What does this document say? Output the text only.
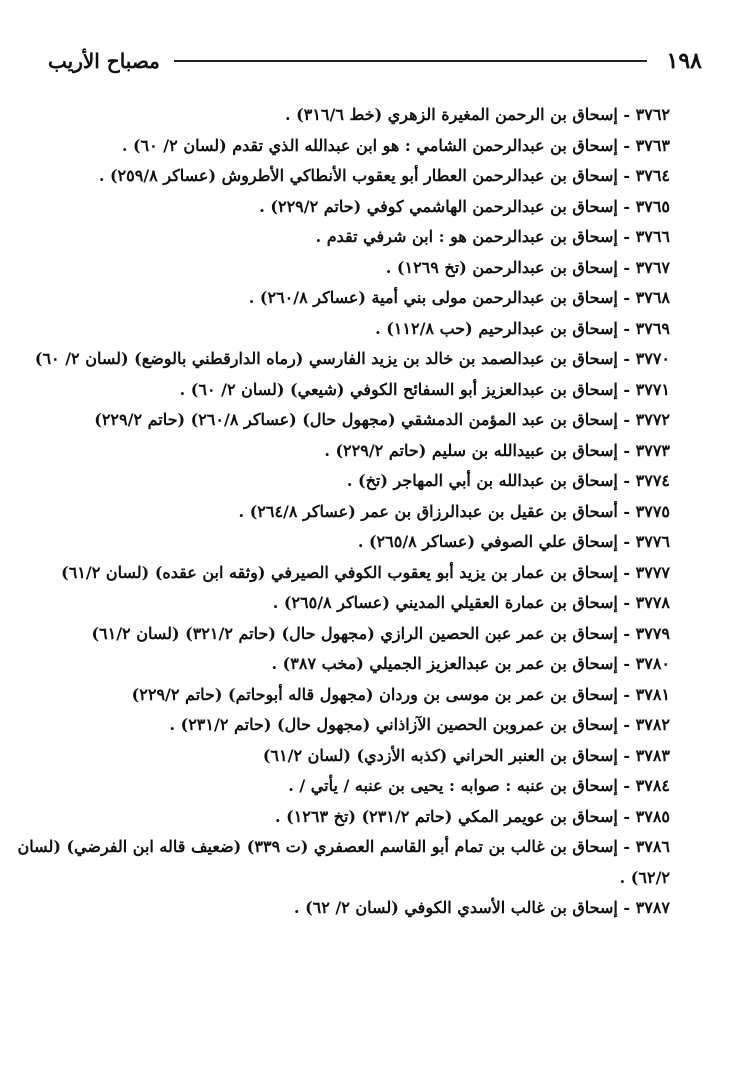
١٩٨
مصباح الأريب
٣٧٦٢ - إسحاق بن الرحمن المغيرة الزهري (خط ٣١٦/٦) .
٣٧٦٣ - إسحاق بن عبدالرحمن الشامي : هو ابن عبدالله الذي تقدم (لسان ٢/ ٦٠) .
٣٧٦٤ - إسحاق بن عبدالرحمن العطار أبو يعقوب الأنطاكي الأطروش (عساكر ٢٥٩/٨) .
٣٧٦٥ - إسحاق بن عبدالرحمن الهاشمي كوفي (حاتم ٢٢٩/٢) .
٣٧٦٦ - إسحاق بن عبدالرحمن هو : ابن شرفي تقدم .
٣٧٦٧ - إسحاق بن عبدالرحمن (تخ ١٢٦٩) .
٣٧٦٨ - إسحاق بن عبدالرحمن مولى بني أمية (عساكر ٢٦٠/٨) .
٣٧٦٩ - إسحاق بن عبدالرحيم (حب ١١٢/٨) .
٣٧٧٠ - إسحاق بن عبدالصمد بن خالد بن يزيد الفارسي (رماه الدارقطني بالوضع) (لسان ٢/ ٦٠)
٣٧٧١ - إسحاق بن عبدالعزيز أبو السفائح الكوفي (شيعي) (لسان ٢/ ٦٠) .
٣٧٧٢ - إسحاق بن عبد المؤمن الدمشقي (مجهول حال) (عساكر ٢٦٠/٨) (حاتم ٢٢٩/٢)
٣٧٧٣ - إسحاق بن عبيدالله بن سليم (حاتم ٢٢٩/٢) .
٣٧٧٤ - إسحاق بن عبدالله بن أبي المهاجر (تخ) .
٣٧٧٥ - أسحاق بن عقيل بن عبدالرزاق بن عمر (عساكر ٢٦٤/٨) .
٣٧٧٦ - إسحاق علي الصوفي (عساكر ٢٦٥/٨) .
٣٧٧٧ - إسحاق بن عمار بن يزيد أبو يعقوب الكوفي الصيرفي (وثقه ابن عقده) (لسان ٦١/٢)
٣٧٧٨ - إسحاق بن عمارة العقيلي المديني (عساكر ٢٦٥/٨) .
٣٧٧٩ - إسحاق بن عمر عبن الحصين الرازي (مجهول حال) (حاتم ٣٢١/٢) (لسان ٦١/٢)
٣٧٨٠ - إسحاق بن عمر بن عبدالعزيز الجميلي (مخب ٣٨٧) .
٣٧٨١ - إسحاق بن عمر بن موسى بن وردان (مجهول قاله أبوحاتم) (حاتم ٢٢٩/٢)
٣٧٨٢ - إسحاق بن عمروبن الحصين الآزاذاني (مجهول حال) (حاتم ٢٣١/٢) .
٣٧٨٣ - إسحاق بن العنبر الحراني (كذبه الأزدي) (لسان ٦١/٢)
٣٧٨٤ - إسحاق بن عنبه : صوابه : يحيى بن عنبه / يأتي / .
٣٧٨٥ - إسحاق بن عويمر المكي (حاتم ٢٣١/٢) (تخ ١٢٦٣) .
٣٧٨٦ - إسحاق بن غالب بن تمام أبو القاسم العصفري (ت ٣٣٩) (ضعيف قاله ابن الفرضي) (لسان
٦٢/٢) .
٣٧٨٧ - إسحاق بن غالب الأسدي الكوفي (لسان ٢/ ٦٢) .
